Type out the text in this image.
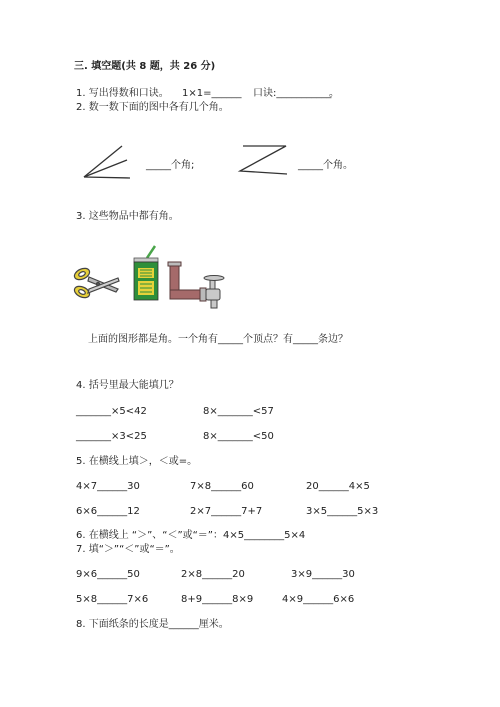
三. 填空题(共 8 题，共 26 分)
1. 写出得数和口诀。 1×1=______ 口诀:___________
。
2. 数一数下面的图中各有几个角。
_____个角;	_____个角。
3. 这些物品中都有角。
上面的图形都是角。一个角有_____个顶点？有_____条边？
4. 括号里最大能填几？
_______×5<42	8×_______<57
_______×3<25	8×_______<50
5. 在横线上填＞，＜或=。
4×7______30	7×8______60	20______4×5
6×6______12	2×7______7+7	3×5______5×3
6. 在横线上 “＞”、“＜”或“＝”：4×5________5×4
7. 填“＞”“＜”或“＝”。
9×6______50	2×8______20	3×9______30
5×8______7×6	8+9______8×9	4×9______6×6
8. 下面纸条的长度是______厘米。
